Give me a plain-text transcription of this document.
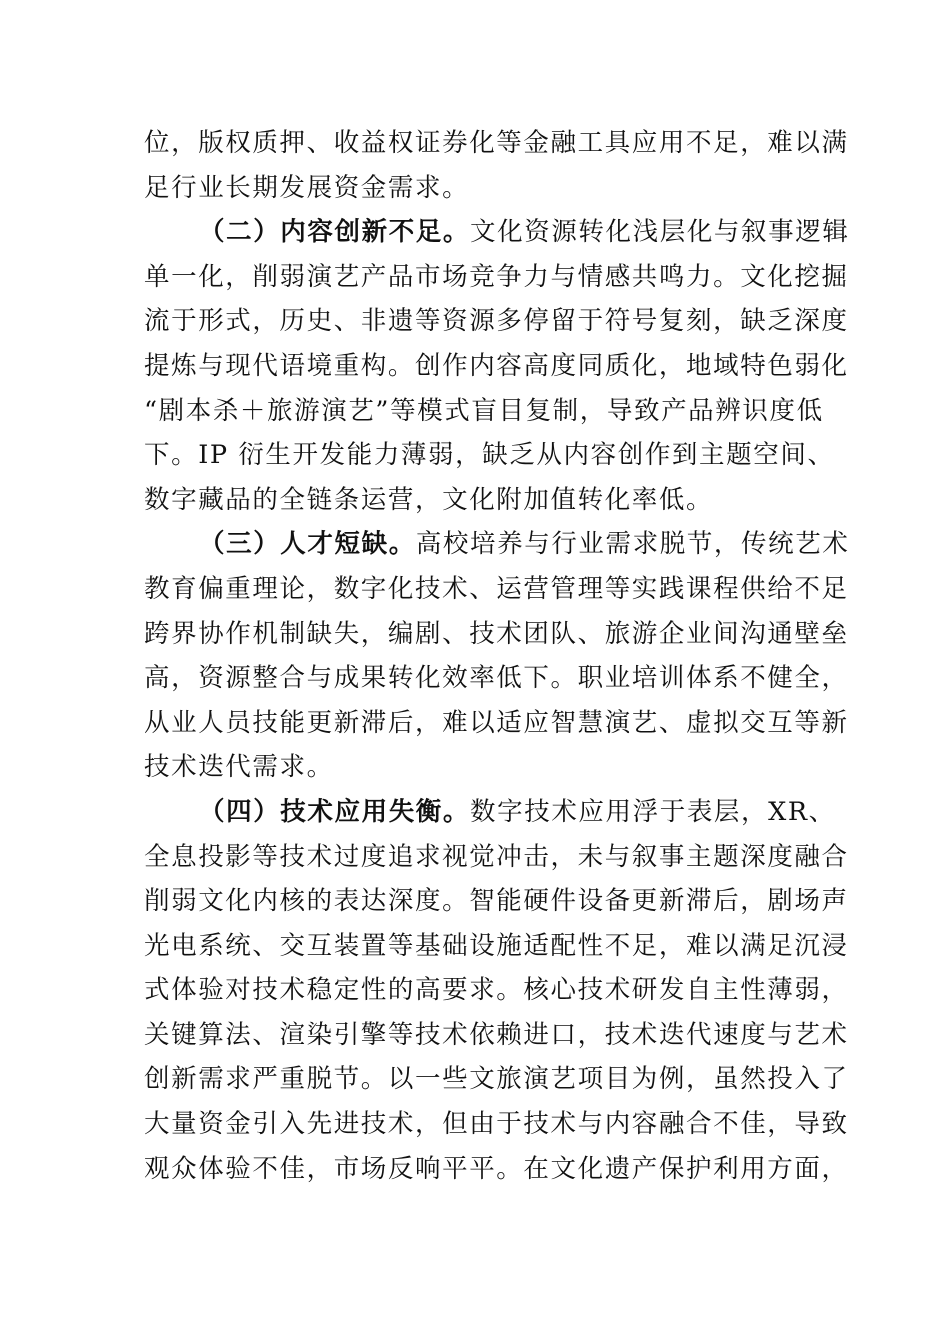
位，版权质押、收益权证券化等金融工具应用不足，难以满
足行业长期发展资金需求。
（二）内容创新不足。文化资源转化浅层化与叙事逻辑
单一化，削弱演艺产品市场竞争力与情感共鸣力。文化挖掘
流于形式，历史、非遗等资源多停留于符号复刻，缺乏深度
提炼与现代语境重构。创作内容高度同质化，地域特色弱化
“剧本杀＋旅游演艺”等模式盲目复制，导致产品辨识度低
下。IP 衍生开发能力薄弱，缺乏从内容创作到主题空间、
数字藏品的全链条运营，文化附加值转化率低。
（三）人才短缺。高校培养与行业需求脱节，传统艺术
教育偏重理论，数字化技术、运营管理等实践课程供给不足
跨界协作机制缺失，编剧、技术团队、旅游企业间沟通壁垒
高，资源整合与成果转化效率低下。职业培训体系不健全，
从业人员技能更新滞后，难以适应智慧演艺、虚拟交互等新
技术迭代需求。
（四）技术应用失衡。数字技术应用浮于表层，XR、
全息投影等技术过度追求视觉冲击，未与叙事主题深度融合
削弱文化内核的表达深度。智能硬件设备更新滞后，剧场声
光电系统、交互装置等基础设施适配性不足，难以满足沉浸
式体验对技术稳定性的高要求。核心技术研发自主性薄弱，
关键算法、渲染引擎等技术依赖进口，技术迭代速度与艺术
创新需求严重脱节。以一些文旅演艺项目为例，虽然投入了
大量资金引入先进技术，但由于技术与内容融合不佳，导致
观众体验不佳，市场反响平平。在文化遗产保护利用方面，
